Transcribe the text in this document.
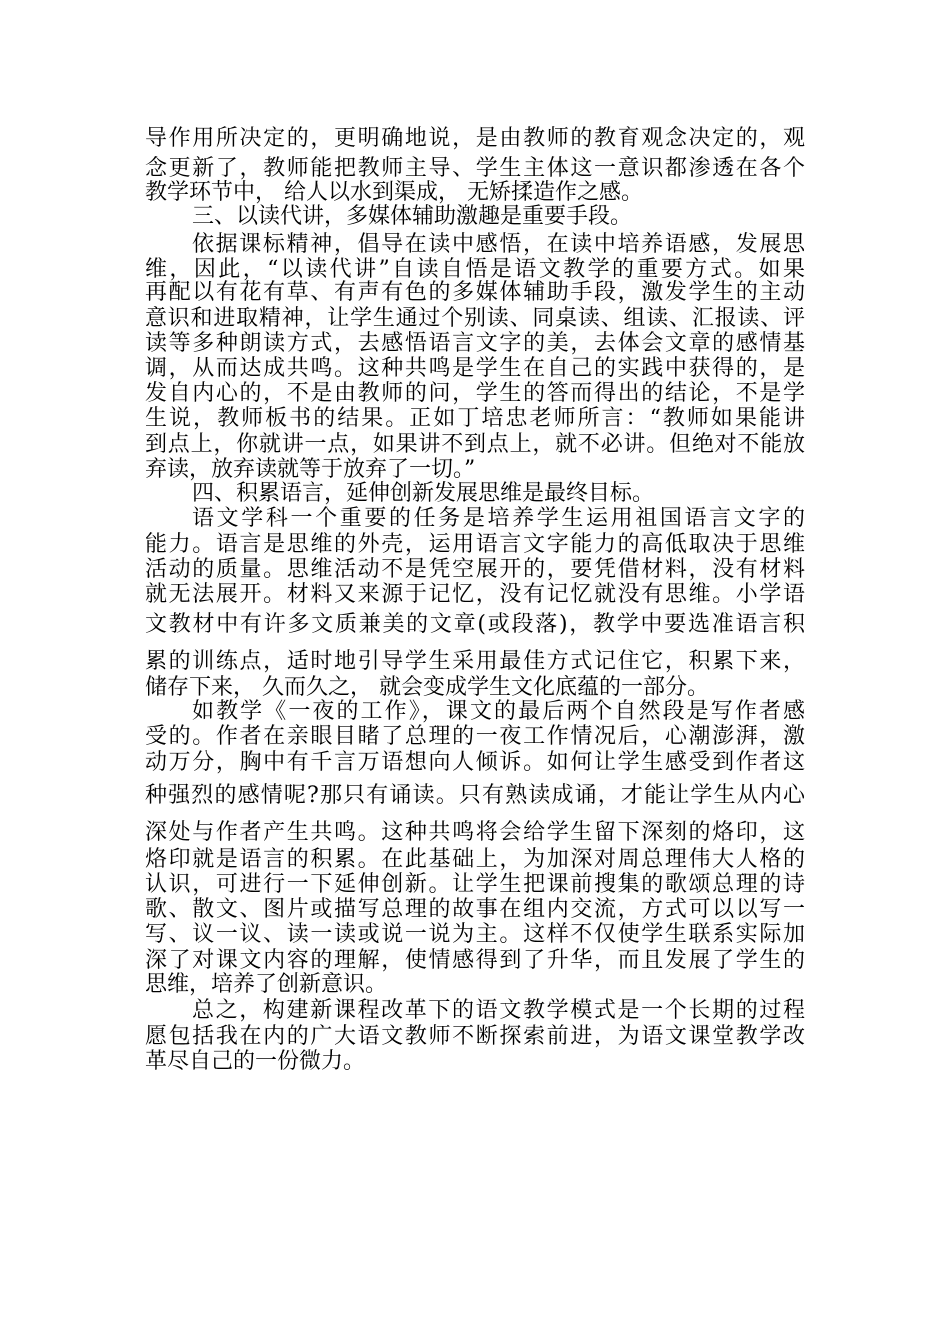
导作用所决定的，更明确地说，是由教师的教育观念决定的，观
念更新了，教师能把教师主导、学生主体这一意识都渗透在各个
教学环节中， 给人以水到渠成， 无矫揉造作之感。
三、以读代讲，多媒体辅助激趣是重要手段。
依据课标精神，倡导在读中感悟，在读中培养语感，发展思
维，因此，“以读代讲”自读自悟是语文教学的重要方式。如果
再配以有花有草、有声有色的多媒体辅助手段，激发学生的主动
意识和进取精神，让学生通过个别读、同桌读、组读、汇报读、评
读等多种朗读方式，去感悟语言文字的美，去体会文章的感情基
调，从而达成共鸣。这种共鸣是学生在自己的实践中获得的，是
发自内心的，不是由教师的问，学生的答而得出的结论，不是学
生说，教师板书的结果。正如丁培忠老师所言：“教师如果能讲
到点上，你就讲一点，如果讲不到点上，就不必讲。但绝对不能放
弃读，放弃读就等于放弃了一切。”
四、积累语言，延伸创新发展思维是最终目标。
语文学科一个重要的任务是培养学生运用祖国语言文字的
能力。语言是思维的外壳，运用语言文字能力的高低取决于思维
活动的质量。思维活动不是凭空展开的，要凭借材料，没有材料
就无法展开。材料又来源于记忆，没有记忆就没有思维。小学语
文教材中有许多文质兼美的文章(或段落)，教学中要选准语言积
累的训练点，适时地引导学生采用最佳方式记住它，积累下来，
储存下来， 久而久之， 就会变成学生文化底蕴的一部分。
如教学《一夜的工作》，课文的最后两个自然段是写作者感
受的。作者在亲眼目睹了总理的一夜工作情况后，心潮澎湃，激
动万分，胸中有千言万语想向人倾诉。如何让学生感受到作者这
种强烈的感情呢?那只有诵读。只有熟读成诵，才能让学生从内心
深处与作者产生共鸣。这种共鸣将会给学生留下深刻的烙印，这
烙印就是语言的积累。在此基础上，为加深对周总理伟大人格的
认识，可进行一下延伸创新。让学生把课前搜集的歌颂总理的诗
歌、散文、图片或描写总理的故事在组内交流，方式可以以写一
写、议一议、读一读或说一说为主。这样不仅使学生联系实际加
深了对课文内容的理解，使情感得到了升华，而且发展了学生的
思维，培养了创新意识。
总之，构建新课程改革下的语文教学模式是一个长期的过程
愿包括我在内的广大语文教师不断探索前进，为语文课堂教学改
革尽自己的一份微力。
